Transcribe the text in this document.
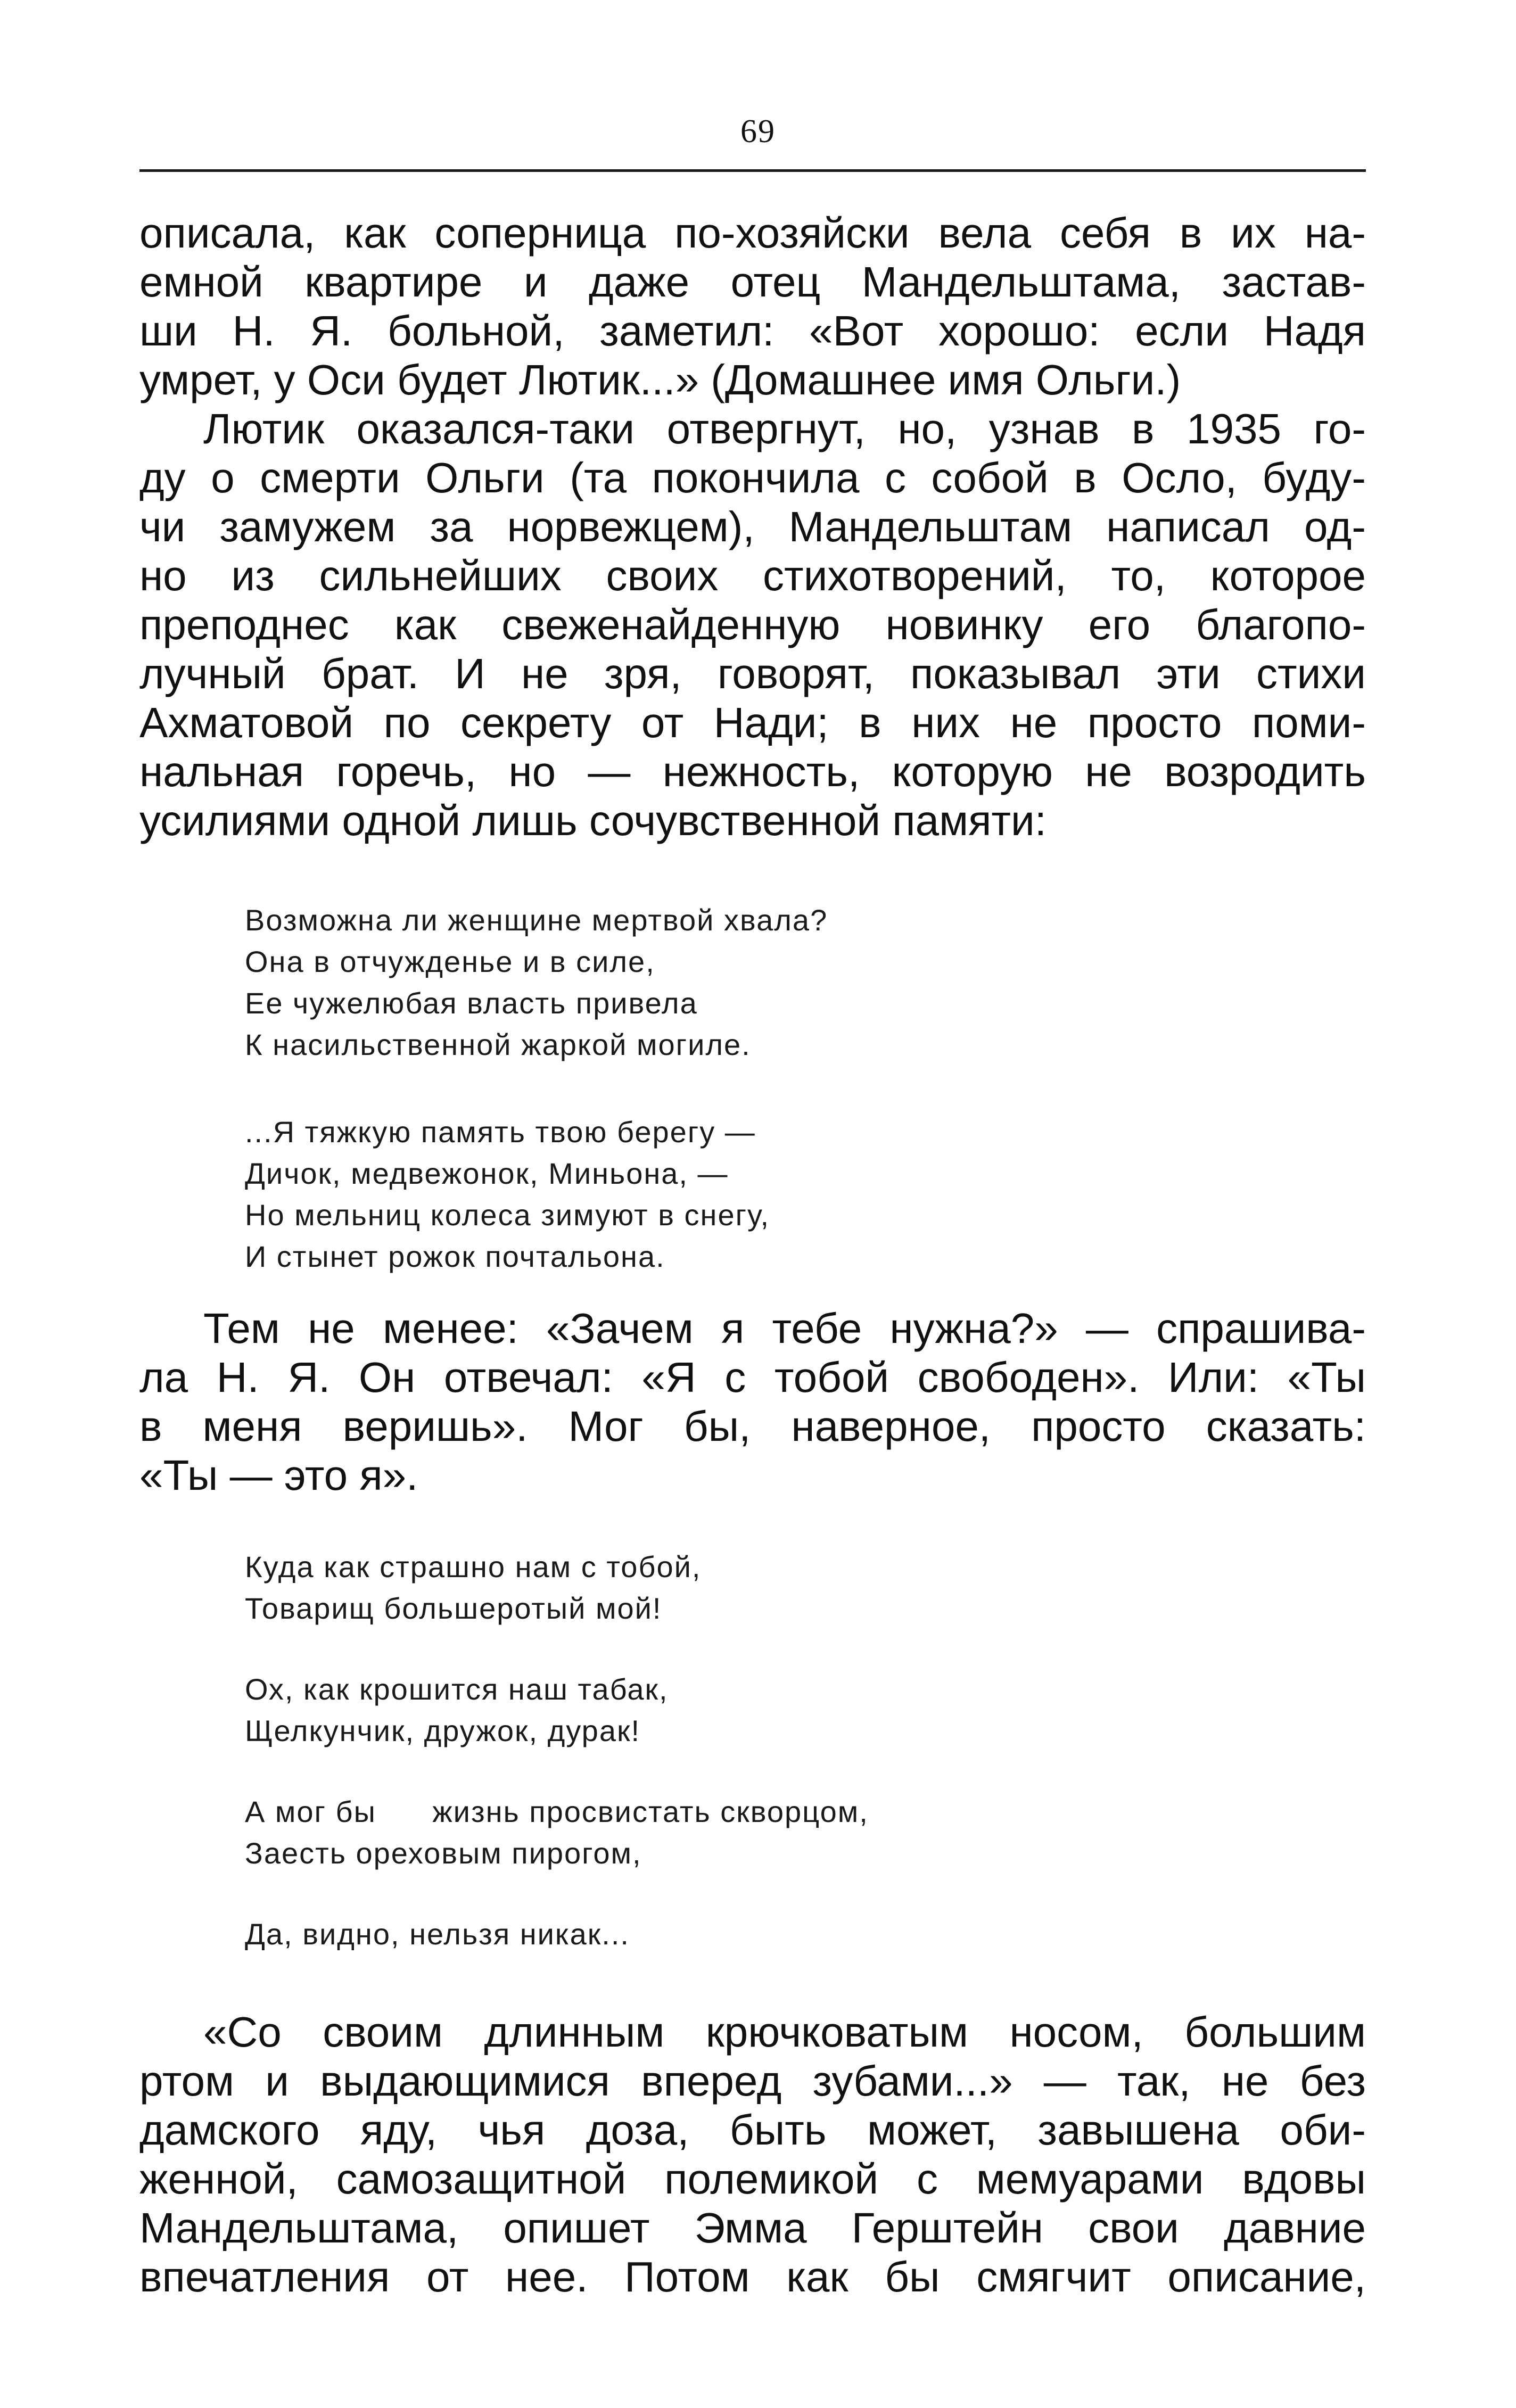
69

описала, как соперница по-хозяйски вела себя в их на-
емной квартире и даже отец Мандельштама, застав-
ши Н. Я. больной, заметил: «Вот хорошо: если Надя
умрет, у Оси будет Лютик...» (Домашнее имя Ольги.)

Лютик оказался-таки отвергнут, но, узнав в 1935 го-
ду о смерти Ольги (та покончила с собой в Осло, буду-
чи замужем за норвежцем), Мандельштам написал од-
но из сильнейших своих стихотворений, то, которое
преподнес как свеженайденную новинку его благопо-
лучный брат. И не зря, говорят, показывал эти стихи
Ахматовой по секрету от Нади; в них не просто поми-
нальная горечь, но — нежность, которую не возродить
усилиями одной лишь сочувственной памяти:

Возможна ли женщине мертвой хвала?
Она в отчужденье и в силе,
Ее чужелюбая власть привела
К насильственной жаркой могиле.
...Я тяжкую память твою берегу —
Дичок, медвежонок, Миньона, —
Но мельниц колеса зимуют в снегу,
И стынет рожок почтальона.

Тем не менее: «Зачем я тебе нужна?» — спрашива-
ла Н. Я. Он отвечал: «Я с тобой свободен». Или: «Ты
в меня веришь». Мог бы, наверное, просто сказать:
«Ты — это я».

Куда как страшно нам с тобой,
Товарищ большеротый мой!
Ох, как крошится наш табак,
Щелкунчик, дружок, дурак!
А мог бы      жизнь просвистать скворцом,
Заесть ореховым пирогом,
Да, видно, нельзя никак...

«Со своим длинным крючковатым носом, большим
ртом и выдающимися вперед зубами...» — так, не без
дамского яду, чья доза, быть может, завышена оби-
женной, самозащитной полемикой с мемуарами вдовы
Мандельштама, опишет Эмма Герштейн свои давние
впечатления от нее. Потом как бы смягчит описание,
